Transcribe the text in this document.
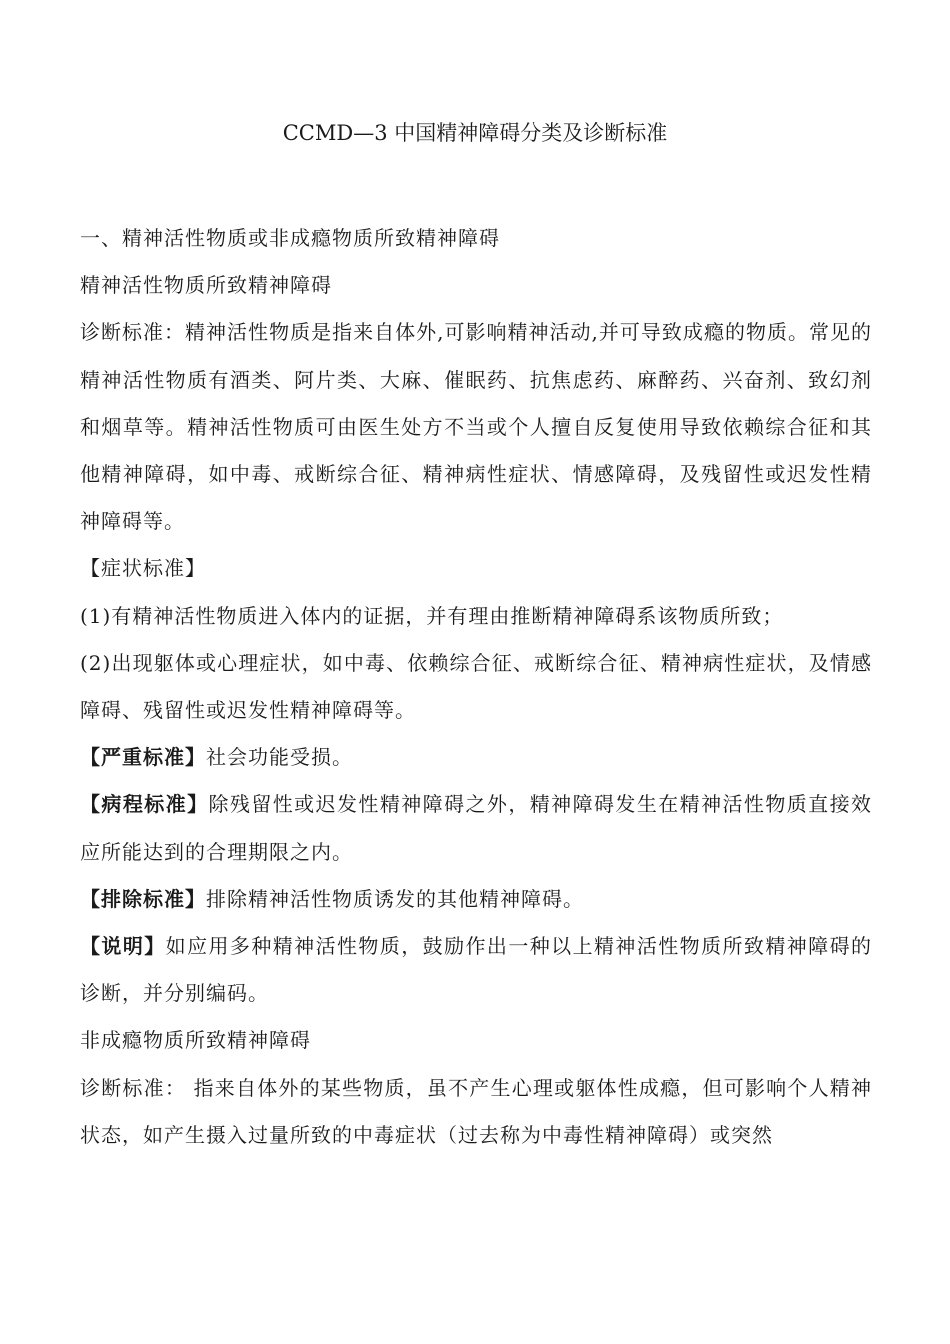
CCMD—3 中国精神障碍分类及诊断标准

一、精神活性物质或非成瘾物质所致精神障碍

精神活性物质所致精神障碍

诊断标准：精神活性物质是指来自体外,可影响精神活动,并可导致成瘾的物质。常见的精神活性物质有酒类、阿片类、大麻、催眠药、抗焦虑药、麻醉药、兴奋剂、致幻剂和烟草等。精神活性物质可由医生处方不当或个人擅自反复使用导致依赖综合征和其他精神障碍，如中毒、戒断综合征、精神病性症状、情感障碍，及残留性或迟发性精神障碍等。

【症状标准】

(1)有精神活性物质进入体内的证据，并有理由推断精神障碍系该物质所致；

(2)出现躯体或心理症状，如中毒、依赖综合征、戒断综合征、精神病性症状，及情感障碍、残留性或迟发性精神障碍等。

【严重标准】社会功能受损。

【病程标准】除残留性或迟发性精神障碍之外，精神障碍发生在精神活性物质直接效应所能达到的合理期限之内。

【排除标准】排除精神活性物质诱发的其他精神障碍。

【说明】如应用多种精神活性物质，鼓励作出一种以上精神活性物质所致精神障碍的诊断，并分别编码。

非成瘾物质所致精神障碍

诊断标准： 指来自体外的某些物质，虽不产生心理或躯体性成瘾，但可影响个人精神状态，如产生摄入过量所致的中毒症状（过去称为中毒性精神障碍）或突然
